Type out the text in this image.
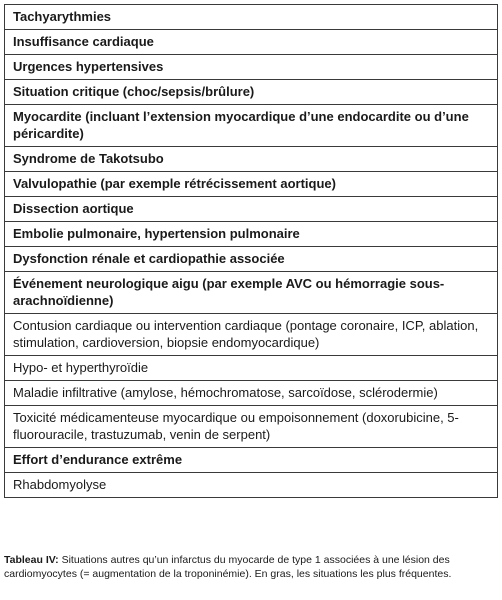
Tachyarythmies
Insuffisance cardiaque
Urgences hypertensives
Situation critique (choc/sepsis/brûlure)
Myocardite (incluant l’extension myocardique d’une endocardite ou d’une péricardite)
Syndrome de Takotsubo
Valvulopathie (par exemple rétrécissement aortique)
Dissection aortique
Embolie pulmonaire, hypertension pulmonaire
Dysfonction rénale et cardiopathie associée
Événement neurologique aigu (par exemple AVC ou hémorragie sous-arachnoïdienne)
Contusion cardiaque ou intervention cardiaque (pontage coronaire, ICP, ablation, stimulation, cardioversion, biopsie endomyocardique)
Hypo- et hyperthyroïdie
Maladie infiltrative (amylose, hémochromatose, sarcoïdose, sclérodermie)
Toxicité médicamenteuse myocardique ou empoisonnement (doxorubicine, 5-fluorouracile, trastuzumab, venin de serpent)
Effort d’endurance extrême
Rhabdomyolyse
Tableau IV: Situations autres qu’un infarctus du myocarde de type 1 associées à une lésion des cardiomyocytes (= augmentation de la troponinémie). En gras, les situations les plus fréquentes.
